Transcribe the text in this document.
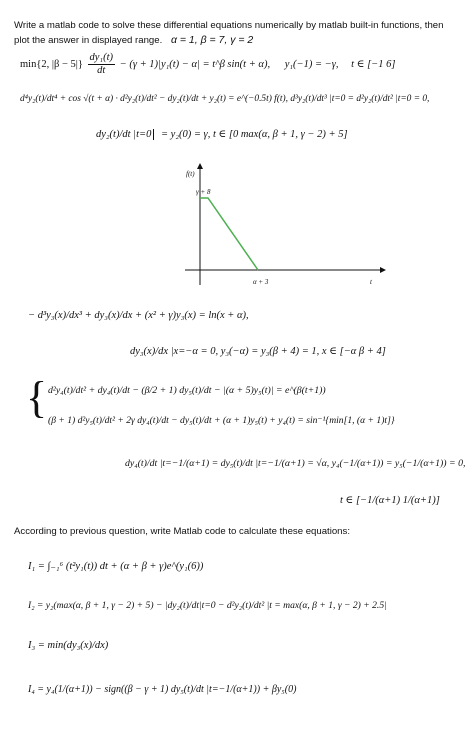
Write a matlab code to solve these differential equations numerically by matlab built-in functions, then
plot the answer in displayed range. α = 1, β = 7, γ = 2
min{2, $|\beta - 5|\} \frac{\text{dy₁(t)}}{dt} - (\gamma + 1)|y_1(t) - \alpha|$ = t^β sin(t + α), y₁(−1) = −γ, t ∈ [−1 6]
d⁴y₂(t)/dt⁴ + cos √(t + α) · d²y₂(t)/dt² − dy₂(t)/dt + y₂(t) = e^(−0.5t) f(t), d³y₂(t)/dt³ |t=0 = d²y₂(t)/dt² |t=0 = 0,
dy₂(t)/dt |t=0 = y₂(0) = γ, t ∈ [0 max(α, β + 1, γ − 2) + 5]
f(t)
γ + 8
α + 3	t
− d³y₃(x)/dx³ + dy₃(x)/dx + (x² + γ)y₃(x) = ln(x + α),
dy₃(x)/dx |x=−α = 0, y₃(−α) = y₃(β + 4) = 1, x ∈ [−α β + 4]
{ d²y₄(t)/dt² + dy₄(t)/dt − (β/2 + 1) dy₅(t)/dt − |(α + 5)y₅(t)| = e^(β(t+1))
(β + 1) d²y₅(t)/dt² + 2γ dy₄(t)/dt − dy₅(t)/dt + (α + 1)y₅(t) + y₄(t) = sin⁻¹{min[1, (α + 1)t]}
dy₄(t)/dt |t=−1/(α+1) = dy₅(t)/dt |t=−1/(α+1) = √α, y₄(−1/(α+1)) = y₅(−1/(α+1)) = 0,
t ∈ [−1/(α+1) 1/(α+1)]
According to previous question, write Matlab code to calculate these equations:
I₁ = ∫₋₁⁶ (t²y₁(t)) dt + (α + β + γ)e^(y₁(6))
I₂ = y₂(max(α, β + 1, γ − 2) + 5) − |dy₂(t)/dt|t=0 − d²y₂(t)/dt² |t = max(α, β + 1, γ − 2) + 2.5|
I₃ = min(dy₃(x)/dx)
I₄ = y₄(1/(α+1)) − sign((β − γ + 1) dy₅(t)/dt |t=−1/(α+1)) + βy₅(0)
